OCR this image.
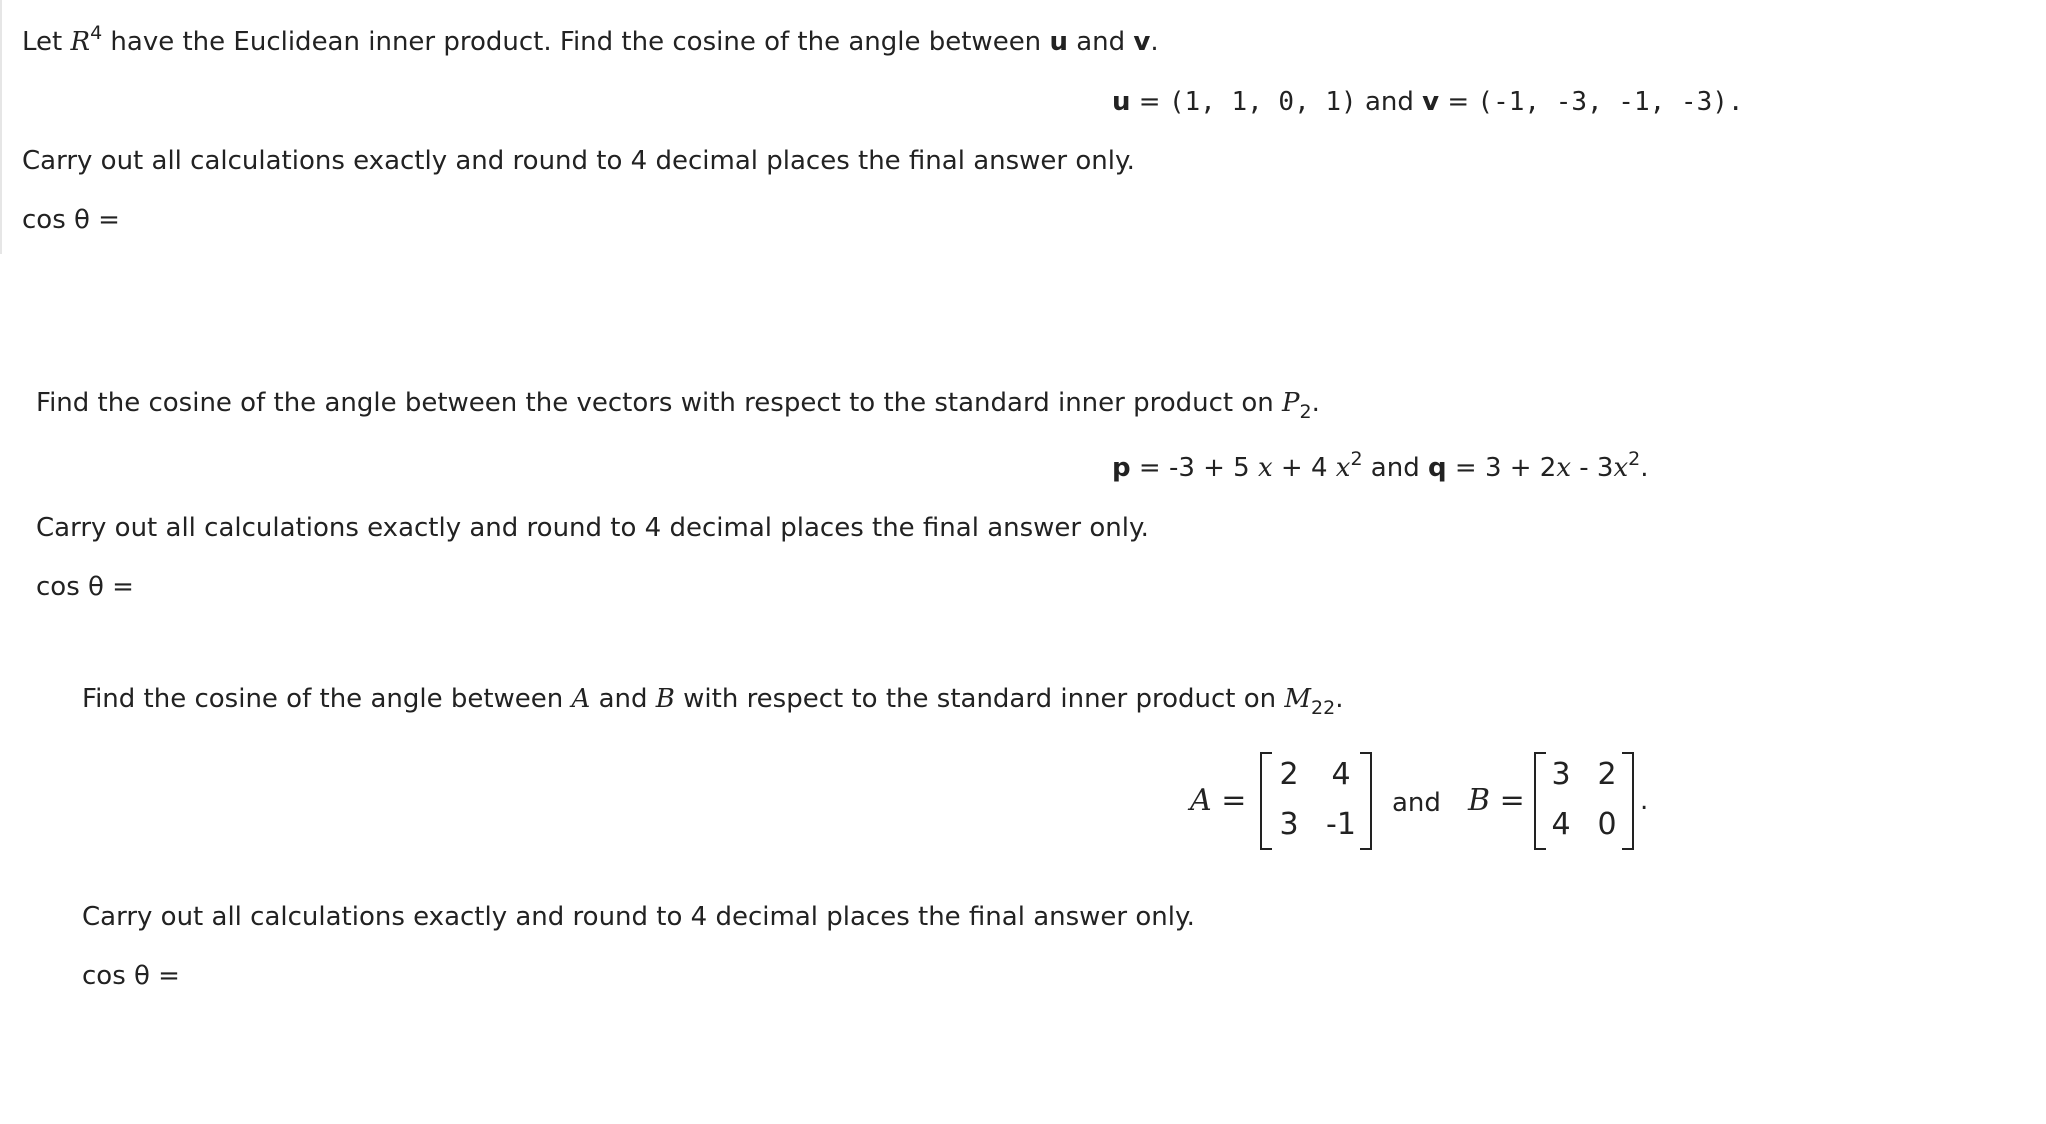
Let $R^4$ have the Euclidean inner product. Find the cosine of the angle between u and v.
u = (1, 1, 0, 1) and v = (-1, -3, -1, -3).
Carry out all calculations exactly and round to 4 decimal places the final answer only.
cos θ =
Find the cosine of the angle between the vectors with respect to the standard inner product on $P_2$.
p = -3 + 5 x + 4 $x^2$ and $q = 3 + 2x - 3x^2$.
Carry out all calculations exactly and round to 4 decimal places the final answer only.
cos θ =
Find the cosine of the angle between A and B with respect to the standard inner product on $M_{22}$.
A =
2	4
3 -1
and B =
3 2
4 0
.
Carry out all calculations exactly and round to 4 decimal places the final answer only.
cos θ =
